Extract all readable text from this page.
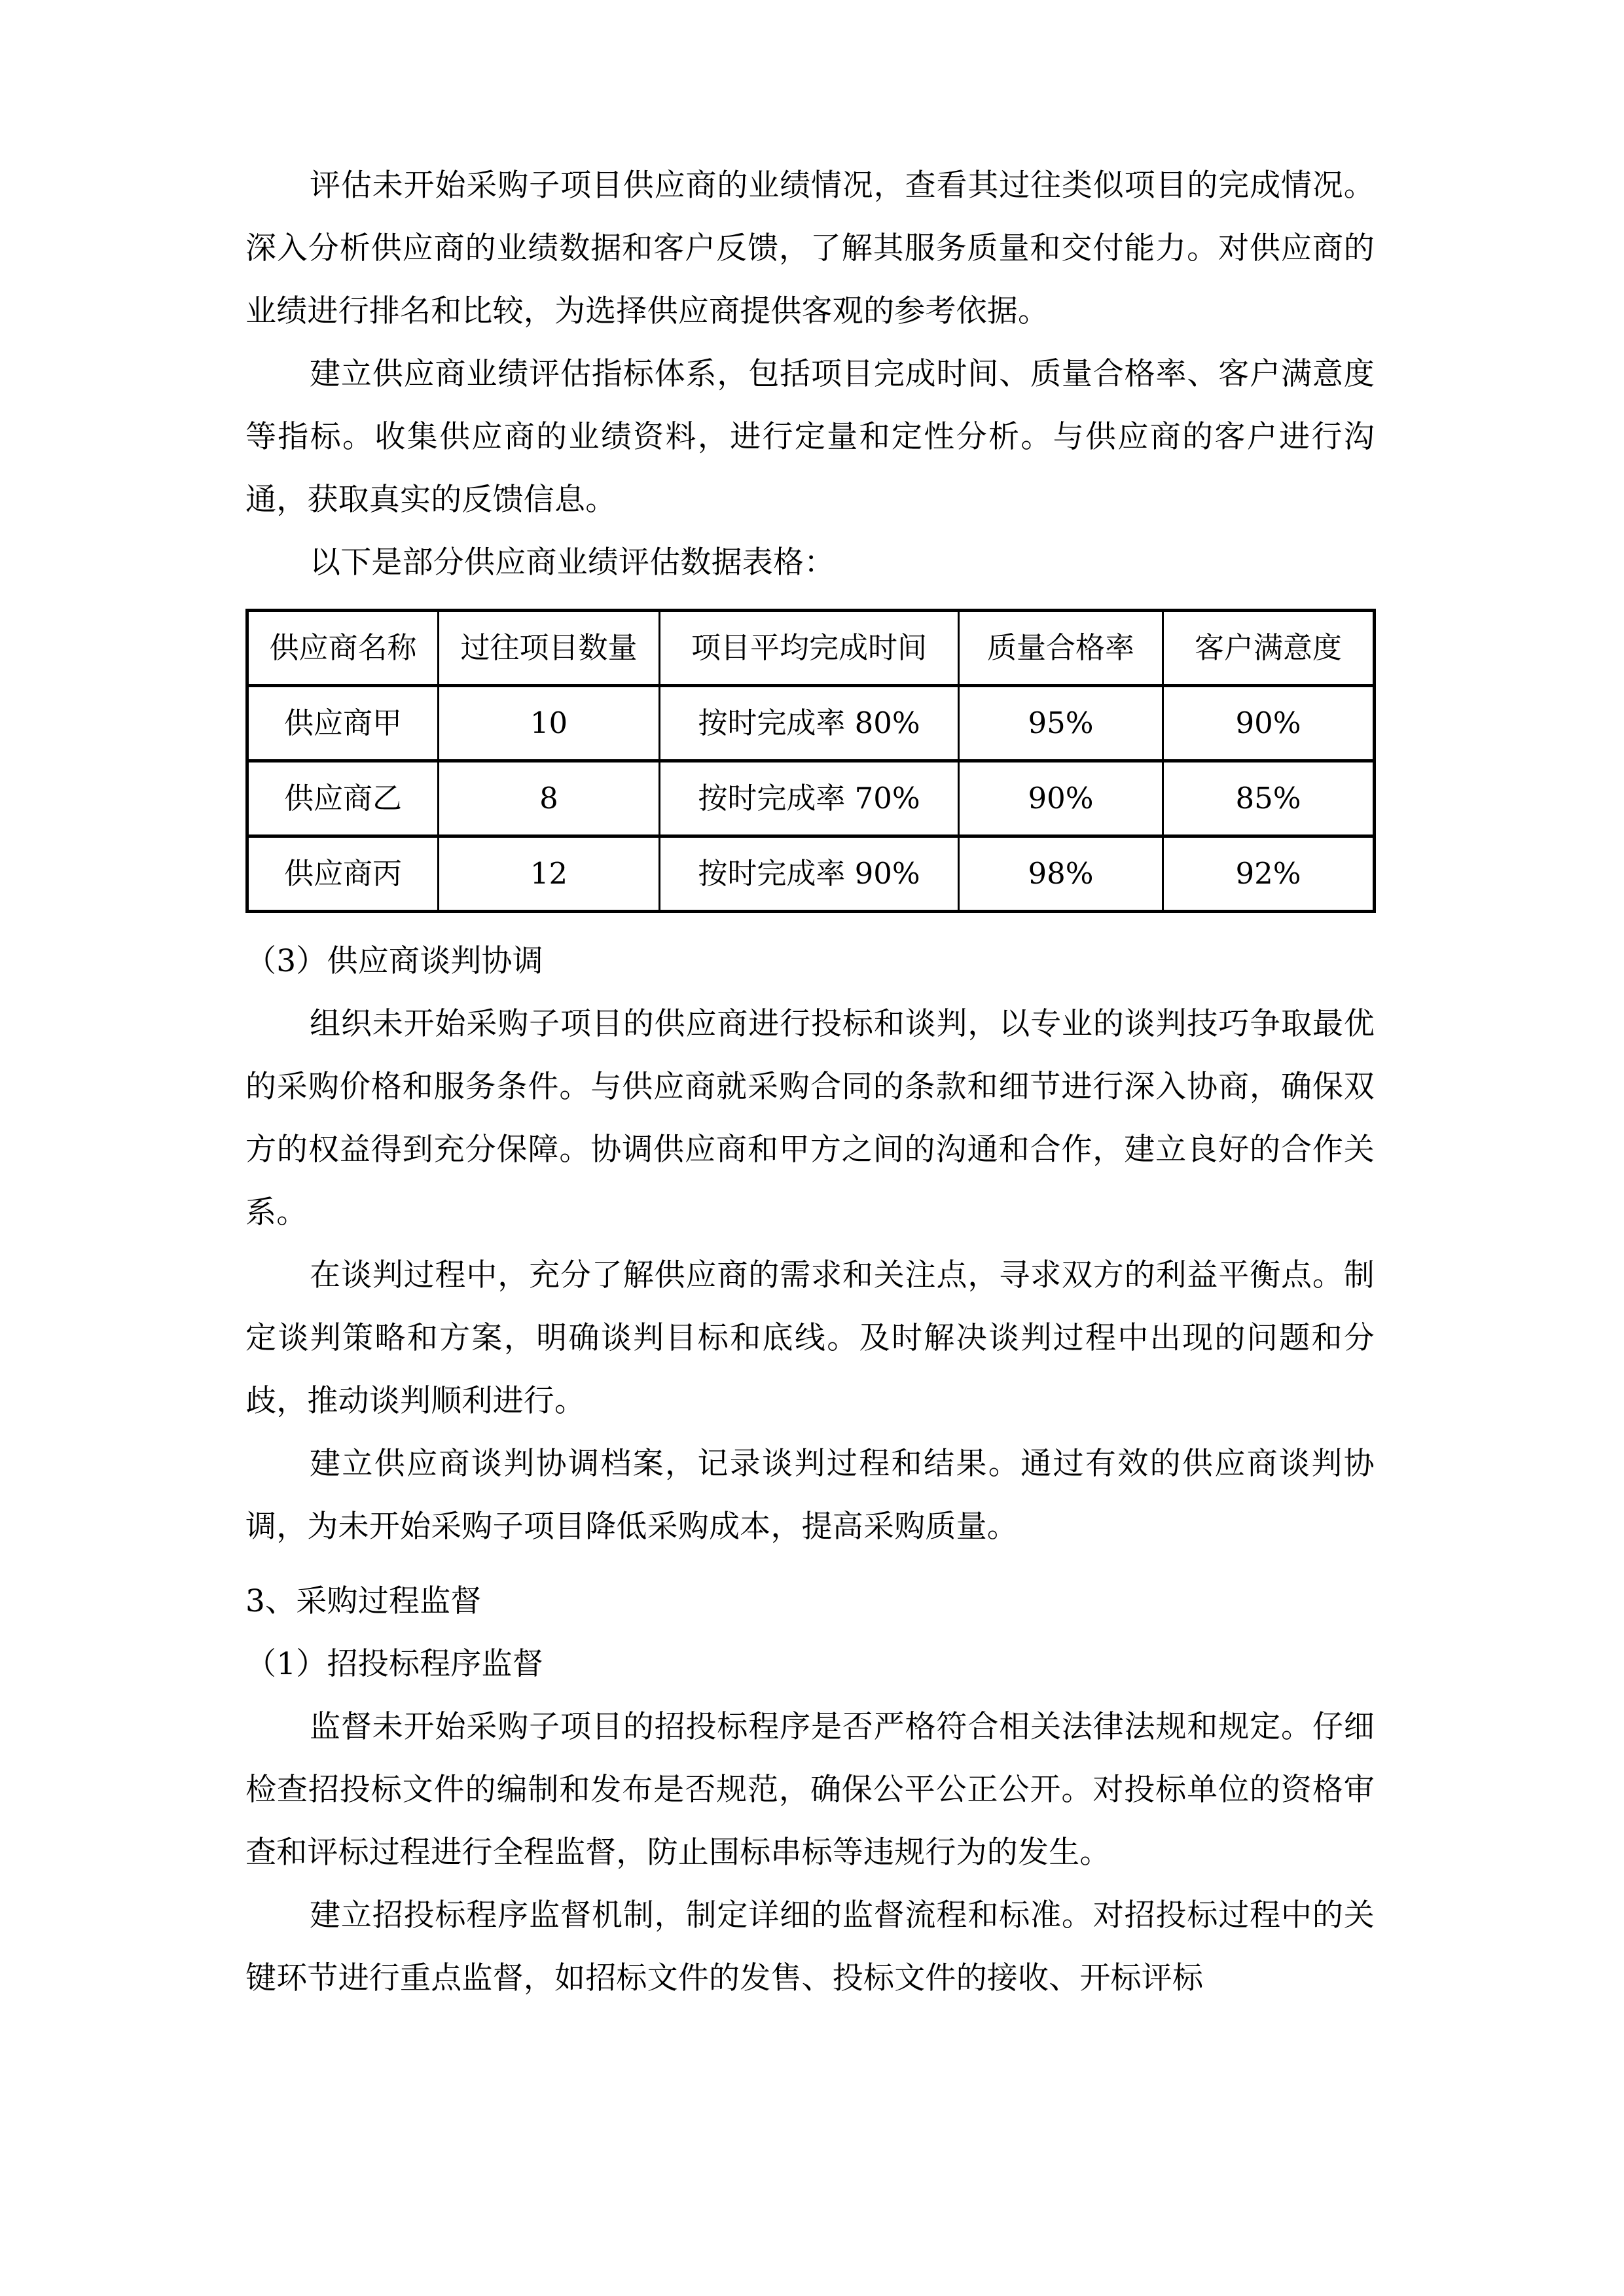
评估未开始采购子项目供应商的业绩情况，查看其过往类似项目的完成情况。深入分析供应商的业绩数据和客户反馈，了解其服务质量和交付能力。对供应商的业绩进行排名和比较，为选择供应商提供客观的参考依据。

建立供应商业绩评估指标体系，包括项目完成时间、质量合格率、客户满意度等指标。收集供应商的业绩资料，进行定量和定性分析。与供应商的客户进行沟通，获取真实的反馈信息。

以下是部分供应商业绩评估数据表格：

供应商名称	过往项目数量	项目平均完成时间	质量合格率	客户满意度
供应商甲	10	按时完成率 80%	95%	90%
供应商乙	8	按时完成率 70%	90%	85%
供应商丙	12	按时完成率 90%	98%	92%

（3）供应商谈判协调

组织未开始采购子项目的供应商进行投标和谈判，以专业的谈判技巧争取最优的采购价格和服务条件。与供应商就采购合同的条款和细节进行深入协商，确保双方的权益得到充分保障。协调供应商和甲方之间的沟通和合作，建立良好的合作关系。

在谈判过程中，充分了解供应商的需求和关注点，寻求双方的利益平衡点。制定谈判策略和方案，明确谈判目标和底线。及时解决谈判过程中出现的问题和分歧，推动谈判顺利进行。

建立供应商谈判协调档案，记录谈判过程和结果。通过有效的供应商谈判协调，为未开始采购子项目降低采购成本，提高采购质量。

3、采购过程监督

（1）招投标程序监督

监督未开始采购子项目的招投标程序是否严格符合相关法律法规和规定。仔细检查招投标文件的编制和发布是否规范，确保公平公正公开。对投标单位的资格审查和评标过程进行全程监督，防止围标串标等违规行为的发生。

建立招投标程序监督机制，制定详细的监督流程和标准。对招投标过程中的关键环节进行重点监督，如招标文件的发售、投标文件的接收、开标评标
